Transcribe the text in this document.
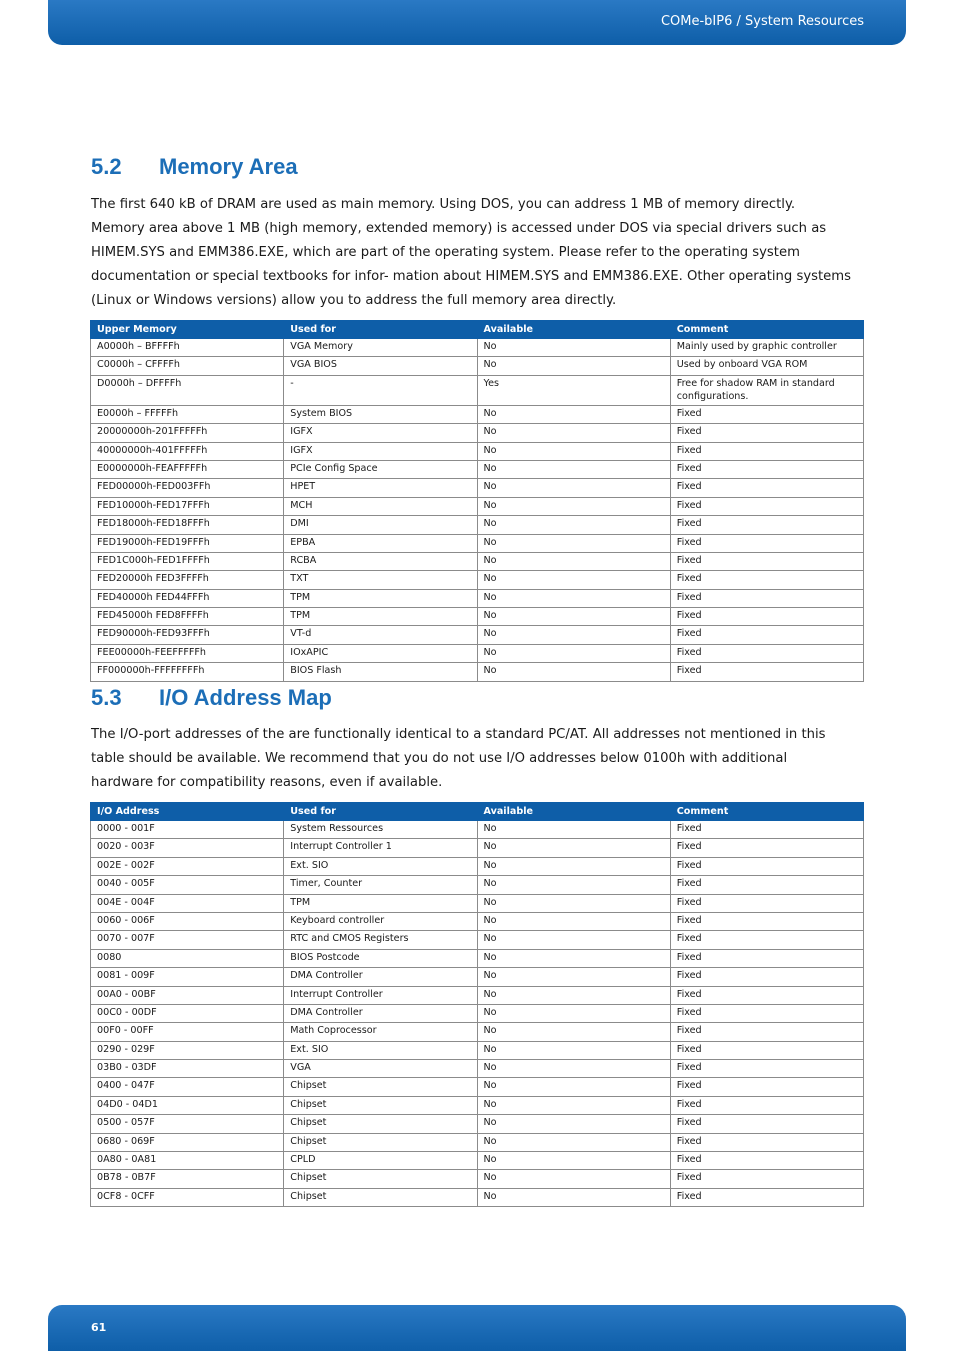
COMe-bIP6 / System Resources
5.2 Memory Area

The first 640 kB of DRAM are used as main memory. Using DOS, you can address 1 MB of memory directly. Memory area above 1 MB (high memory, extended memory) is accessed under DOS via special drivers such as HIMEM.SYS and EMM386.EXE, which are part of the operating system. Please refer to the operating system documentation or special textbooks for infor- mation about HIMEM.SYS and EMM386.EXE. Other operating systems (Linux or Windows versions) allow you to address the full memory area directly.

Upper Memory	Used for	Available	Comment
A0000h – BFFFFh	VGA Memory	No	Mainly used by graphic controller
C0000h – CFFFFh	VGA BIOS	No	Used by onboard VGA ROM
D0000h – DFFFFh	-	Yes	Free for shadow RAM in standard configurations.
E0000h – FFFFFh	System BIOS	No	Fixed
20000000h-201FFFFFh	IGFX	No	Fixed
40000000h-401FFFFFh	IGFX	No	Fixed
E0000000h-FEAFFFFFh	PCIe Config Space	No	Fixed
FED00000h-FED003FFh	HPET	No	Fixed
FED10000h-FED17FFFh	MCH	No	Fixed
FED18000h-FED18FFFh	DMI	No	Fixed
FED19000h-FED19FFFh	EPBA	No	Fixed
FED1C000h-FED1FFFFh	RCBA	No	Fixed
FED20000h FED3FFFFh	TXT	No	Fixed
FED40000h FED44FFFh	TPM	No	Fixed
FED45000h FED8FFFFh	TPM	No	Fixed
FED90000h-FED93FFFh	VT-d	No	Fixed
FEE00000h-FEEFFFFFh	IOxAPIC	No	Fixed
FF000000h-FFFFFFFFh	BIOS Flash	No	Fixed
5.3 I/O Address Map

The I/O-port addresses of the are functionally identical to a standard PC/AT. All addresses not mentioned in this table should be available. We recommend that you do not use I/O addresses below 0100h with additional hardware for compatibility reasons, even if available.

I/O Address	Used for	Available	Comment
0000 - 001F	System Ressources	No	Fixed
0020 - 003F	Interrupt Controller 1	No	Fixed
002E - 002F	Ext. SIO	No	Fixed
0040 - 005F	Timer, Counter	No	Fixed
004E - 004F	TPM	No	Fixed
0060 - 006F	Keyboard controller	No	Fixed
0070 - 007F	RTC and CMOS Registers	No	Fixed
0080	BIOS Postcode	No	Fixed
0081 - 009F	DMA Controller	No	Fixed
00A0 - 00BF	Interrupt Controller	No	Fixed
00C0 - 00DF	DMA Controller	No	Fixed
00F0 - 00FF	Math Coprocessor	No	Fixed
0290 - 029F	Ext. SIO	No	Fixed
03B0 - 03DF	VGA	No	Fixed
0400 - 047F	Chipset	No	Fixed
04D0 - 04D1	Chipset	No	Fixed
0500 - 057F	Chipset	No	Fixed
0680 - 069F	Chipset	No	Fixed
0A80 - 0A81	CPLD	No	Fixed
0B78 - 0B7F	Chipset	No	Fixed
0CF8 - 0CFF	Chipset	No	Fixed
61
